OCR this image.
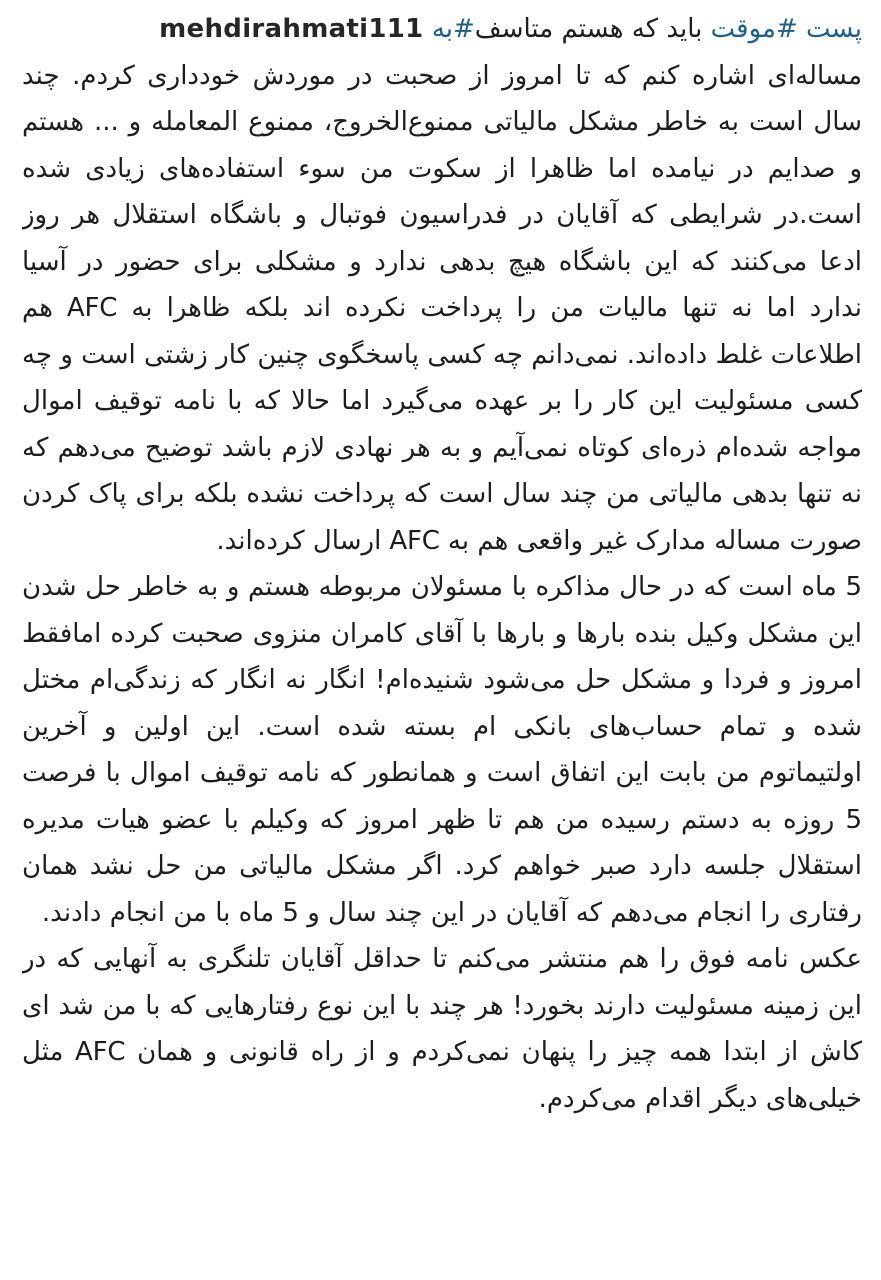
پست #موقت باید که هستم متاسف#به mehdirahmati111

مساله‌ای اشاره کنم که تا امروز از صحبت در موردش خودداری کردم. چند سال است به خاطر مشکل مالیاتی ممنوع‌الخروج، ممنوع المعامله و ... هستم و صدایم در نیامده اما ظاهرا از سکوت من سوء استفاده‌های زیادی شده است.در شرایطی که آقایان در فدراسیون فوتبال و باشگاه استقلال هر روز ادعا می‌کنند که این باشگاه هیچ بدهی ندارد و مشکلی برای حضور در آسیا ندارد اما نه تنها مالیات من را پرداخت نکرده اند بلکه ظاهرا به AFC هم اطلاعات غلط داده‌اند. نمی‌دانم چه کسی پاسخگوی چنین کار زشتی است و چه کسی مسئولیت این کار را بر عهده می‌گیرد اما حالا که با نامه توقیف اموال مواجه شده‌ام ذره‌ای کوتاه نمی‌آیم و به هر نهادی لازم باشد توضیح می‌دهم که نه تنها بدهی مالیاتی من چند سال است که پرداخت نشده بلکه برای پاک کردن صورت مساله مدارک غیر واقعی هم به AFC ارسال کرده‌اند.

5 ماه است که در حال مذاکره با مسئولان مربوطه هستم و به خاطر حل شدن این مشکل وکیل بنده بارها و بارها با آقای کامران منزوی صحبت کرده امافقط امروز و فردا و مشکل حل می‌شود شنیده‌ام! انگار نه انگار که زندگی‌ام مختل شده و تمام حساب‌های بانکی ام بسته شده است. این اولین و آخرین اولتیماتوم من بابت این اتفاق است و همانطور که نامه توقیف اموال با فرصت 5 روزه به دستم رسیده من هم تا ظهر امروز که وکیلم با عضو هیات مدیره استقلال جلسه دارد صبر خواهم کرد. اگر مشکل مالیاتی من حل نشد همان رفتاری را انجام می‌دهم که آقایان در این چند سال و 5 ماه با من انجام دادند.

عکس نامه فوق را هم منتشر می‌کنم تا حداقل آقایان تلنگری به آنهایی که در این زمینه مسئولیت دارند بخورد! هر چند با این نوع رفتارهایی که با من شد ای کاش از ابتدا همه چیز را پنهان نمی‌کردم و از راه قانونی و همان AFC مثل خیلی‌های دیگر اقدام می‌کردم.
